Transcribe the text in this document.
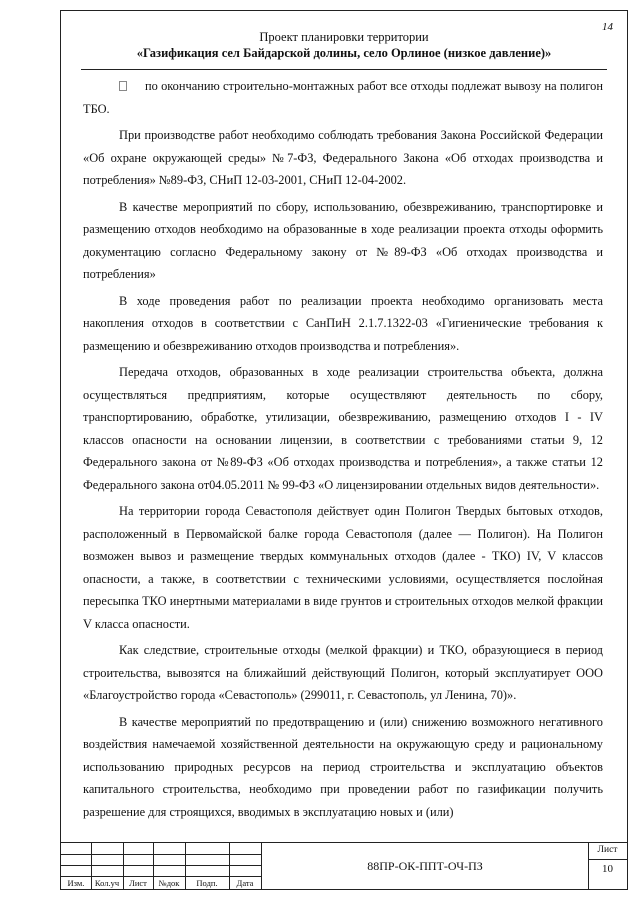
14
Проект планировки территории
«Газификация сел Байдарской долины, село Орлиное (низкое давление)»

по окончанию строительно-монтажных работ все отходы подлежат вывозу на полигон ТБО.

При производстве работ необходимо соблюдать требования Закона Российской Федерации «Об охране окружающей среды» №7-ФЗ, Федерального Закона «Об отходах производства и потребления» №89-ФЗ, СНиП 12-03-2001, СНиП 12-04-2002.

В качестве мероприятий по сбору, использованию, обезвреживанию, транспортировке и размещению отходов необходимо на образованные в ходе реализации проекта отходы оформить документацию согласно Федеральному закону от №89-ФЗ «Об отходах производства и потребления»

В ходе проведения работ по реализации проекта необходимо организовать места накопления отходов в соответствии с СанПиН 2.1.7.1322-03 «Гигиенические требования к размещению и обезвреживанию отходов производства и потребления».

Передача отходов, образованных в ходе реализации строительства объекта, должна осуществляться предприятиям, которые осуществляют деятельность по сбору, транспортированию, обработке, утилизации, обезвреживанию, размещению отходов I - IV классов опасности на основании лицензии, в соответствии с требованиями статьи 9, 12 Федерального закона от №89-ФЗ «Об отходах производства и потребления», а также статьи 12 Федерального закона от04.05.2011 № 99-ФЗ «О лицензировании отдельных видов деятельности».

На территории города Севастополя действует один Полигон Твердых бытовых отходов, расположенный в Первомайской балке города Севастополя (далее — Полигон). На Полигон возможен вывоз и размещение твердых коммунальных отходов (далее - ТКО) IV, V классов опасности, а также, в соответствии с техническими условиями, осуществляется послойная пересыпка ТКО инертными материалами в виде грунтов и строительных отходов мелкой фракции V класса опасности.

Как следствие, строительные отходы (мелкой фракции) и ТКО, образующиеся в период строительства, вывозятся на ближайший действующий Полигон, который эксплуатирует ООО «Благоустройство города «Севастополь» (299011, г. Севастополь, ул Ленина, 70)».

В качестве мероприятий по предотвращению и (или) снижению возможного негативного воздействия намечаемой хозяйственной деятельности на окружающую среду и рациональному использованию природных ресурсов на период строительства и эксплуатацию объектов капитального строительства, необходимо при проведении работ по газификации получить разрешение для строящихся, вводимых в эксплуатацию новых и (или)

Изм.	Кол.уч	Лист	№док	Подп.	Дата
88ПР-ОК-ППТ-ОЧ-ПЗ
Лист
10
